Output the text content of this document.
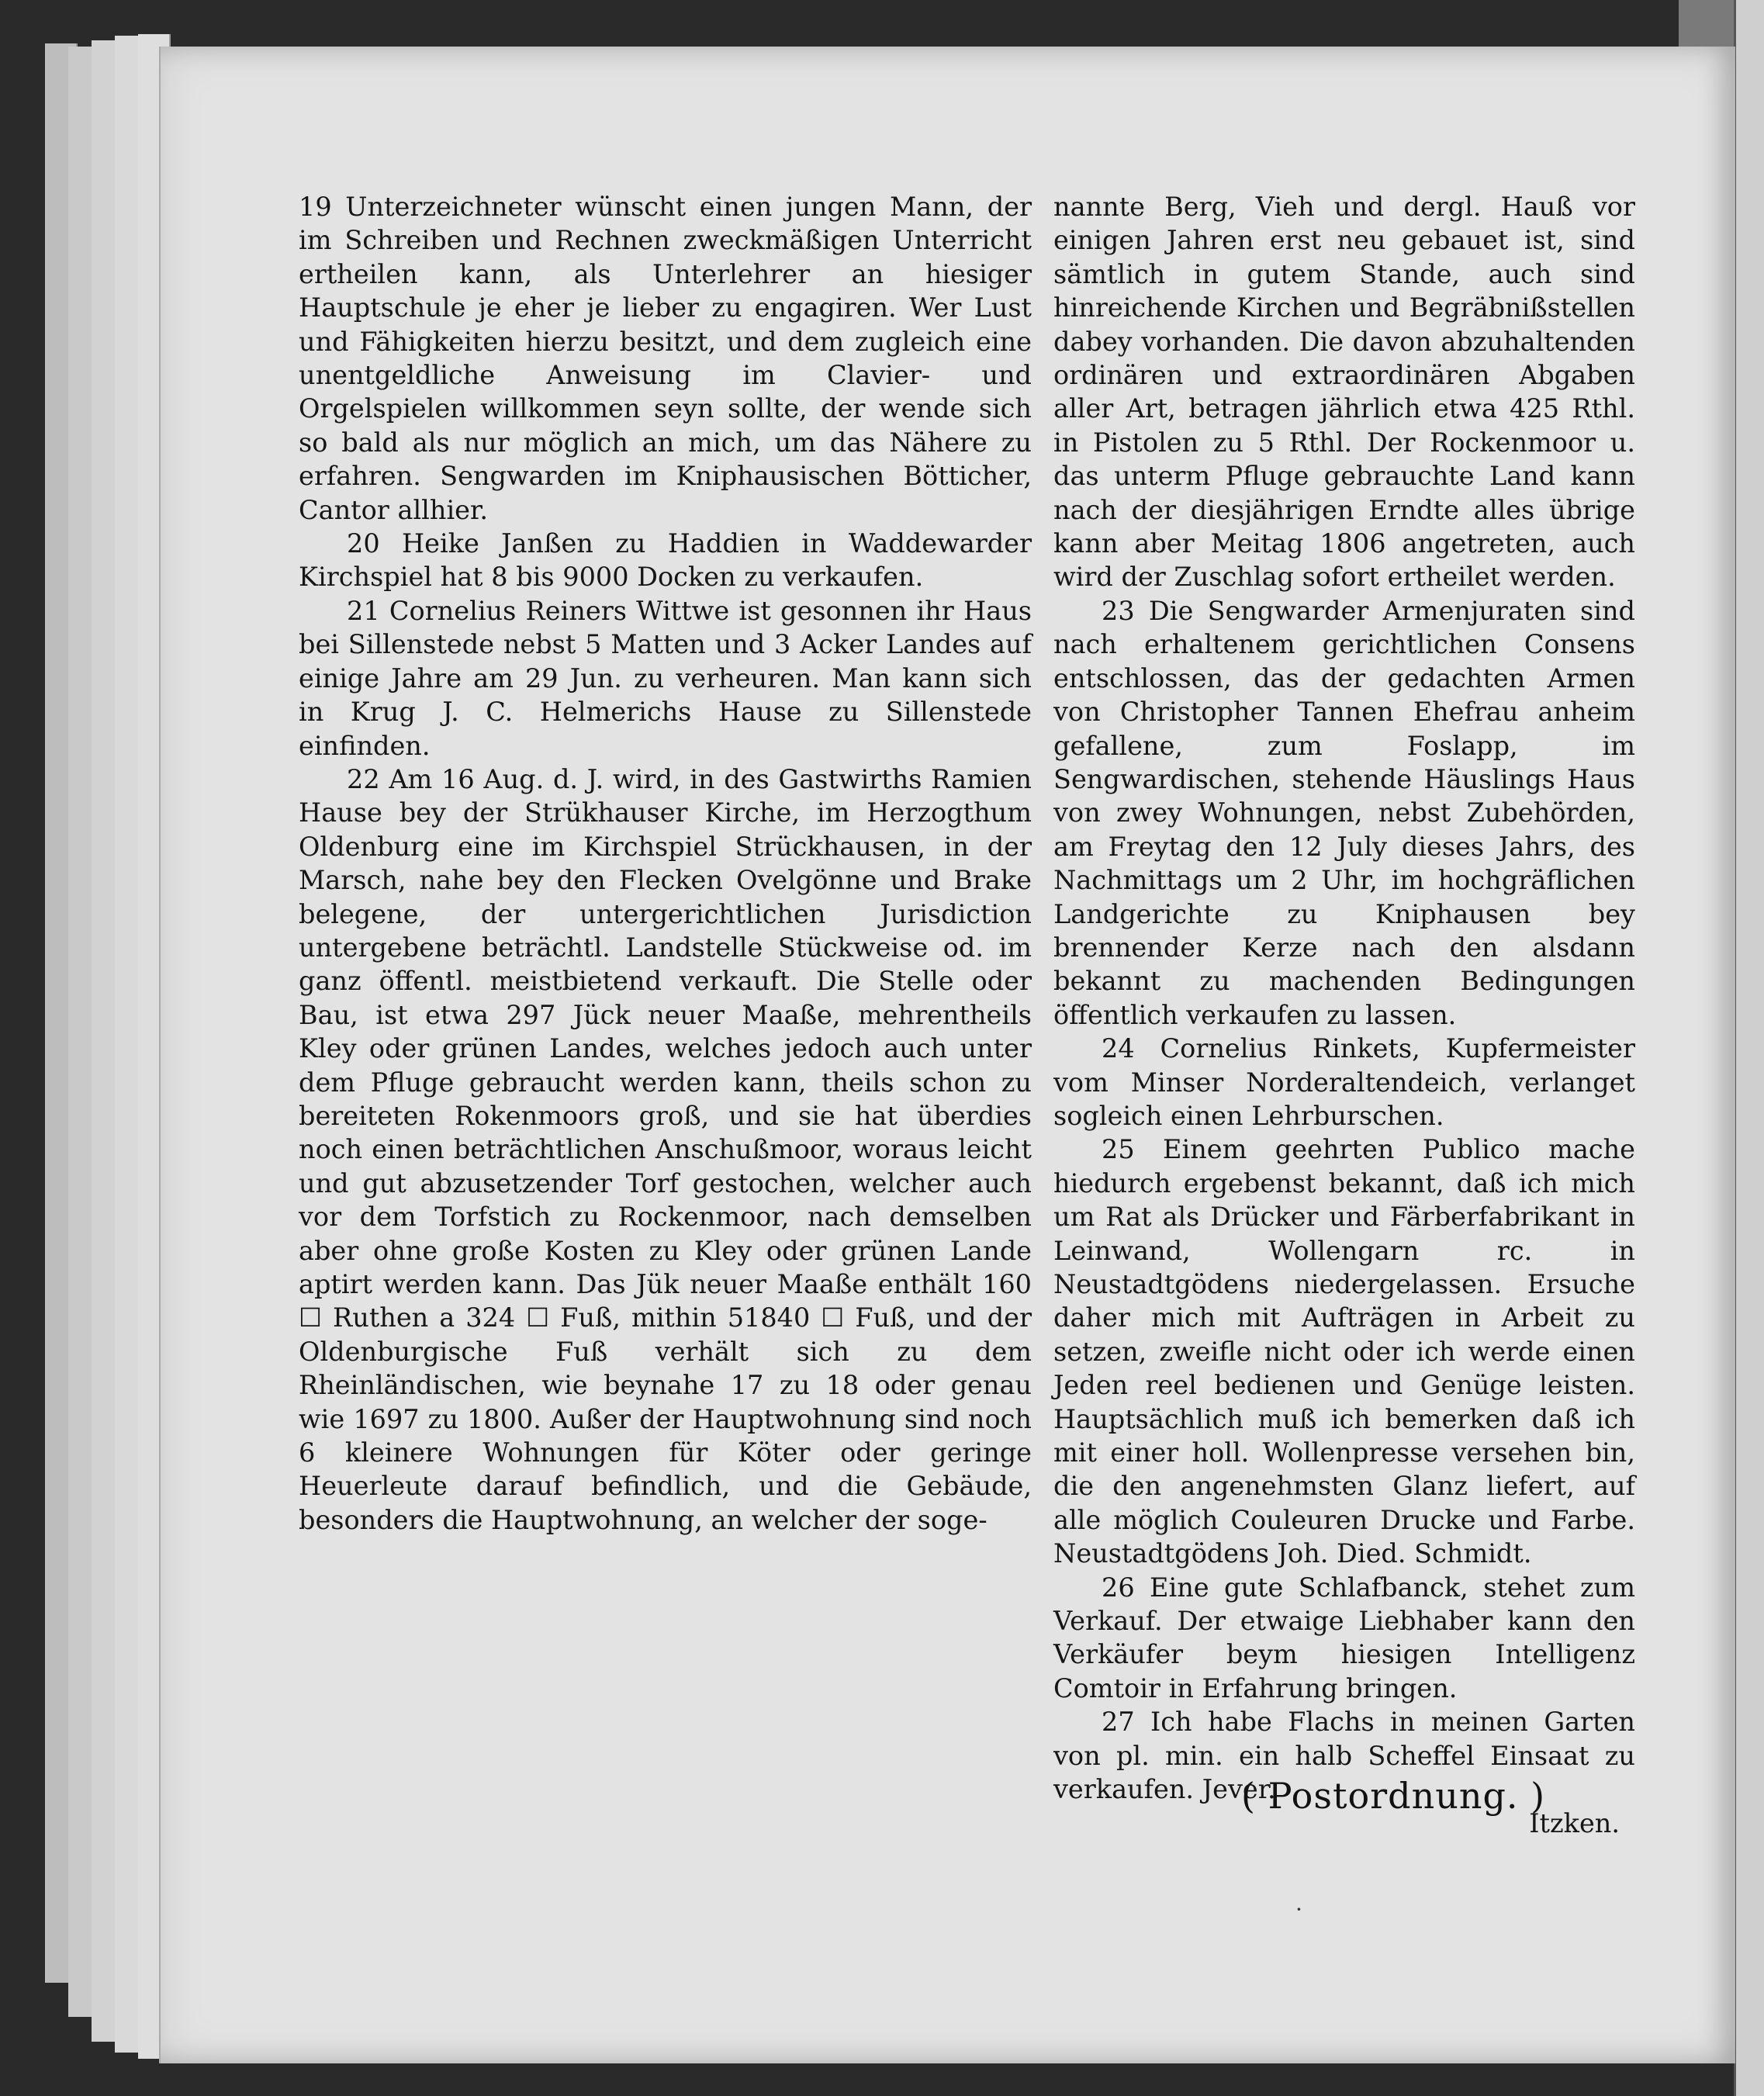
19 Unterzeichneter wünscht einen jungen Mann, der im Schreiben und Rechnen zweckmäßigen Unterricht ertheilen kann, als Unterlehrer an hiesiger Hauptschule je eher je lieber zu engagiren. Wer Lust und Fähigkeiten hierzu besitzt, und dem zugleich eine unentgeldliche Anweisung im Clavier- und Orgelspielen willkommen seyn sollte, der wende sich so bald als nur möglich an mich, um das Nähere zu erfahren. Sengwarden im Kniphausischen Bötticher, Cantor allhier.

20 Heike Janßen zu Haddien in Waddewarder Kirchspiel hat 8 bis 9000 Docken zu verkaufen.

21 Cornelius Reiners Wittwe ist gesonnen ihr Haus bei Sillenstede nebst 5 Matten und 3 Acker Landes auf einige Jahre am 29 Jun. zu verheuren. Man kann sich in Krug J. C. Helmerichs Hause zu Sillenstede einfinden.

22 Am 16 Aug. d. J. wird, in des Gastwirths Ramien Hause bey der Strükhauser Kirche, im Herzogthum Oldenburg eine im Kirchspiel Strückhausen, in der Marsch, nahe bey den Flecken Ovelgönne und Brake belegene, der untergerichtlichen Jurisdiction untergebene beträchtl. Landstelle Stückweise od. im ganz öffentl. meistbietend verkauft. Die Stelle oder Bau, ist etwa 297 Jück neuer Maaße, mehrentheils Kley oder grünen Landes, welches jedoch auch unter dem Pfluge gebraucht werden kann, theils schon zu bereiteten Rokenmoors groß, und sie hat überdies noch einen beträchtlichen Anschußmoor, woraus leicht und gut abzusetzender Torf gestochen, welcher auch vor dem Torfstich zu Rockenmoor, nach demselben aber ohne große Kosten zu Kley oder grünen Lande aptirt werden kann. Das Jük neuer Maaße enthält 160 ☐ Ruthen a 324 ☐ Fuß, mithin 51840 ☐ Fuß, und der Oldenburgische Fuß verhält sich zu dem Rheinländischen, wie beynahe 17 zu 18 oder genau wie 1697 zu 1800. Außer der Hauptwohnung sind noch 6 kleinere Wohnungen für Köter oder geringe Heuerleute darauf befindlich, und die Gebäude, besonders die Hauptwohnung, an welcher der soge-

nannte Berg, Vieh und dergl. Hauß vor einigen Jahren erst neu gebauet ist, sind sämtlich in gutem Stande, auch sind hinreichende Kirchen und Begräbnißstellen dabey vorhanden. Die davon abzuhaltenden ordinären und extraordinären Abgaben aller Art, betragen jährlich etwa 425 Rthl. in Pistolen zu 5 Rthl. Der Rockenmoor u. das unterm Pfluge gebrauchte Land kann nach der diesjährigen Erndte alles übrige kann aber Meitag 1806 angetreten, auch wird der Zuschlag sofort ertheilet werden.

23 Die Sengwarder Armenjuraten sind nach erhaltenem gerichtlichen Consens entschlossen, das der gedachten Armen von Christopher Tannen Ehefrau anheim gefallene, zum Foslapp, im Sengwardischen, stehende Häuslings Haus von zwey Wohnungen, nebst Zubehörden, am Freytag den 12 July dieses Jahrs, des Nachmittags um 2 Uhr, im hochgräflichen Landgerichte zu Kniphausen bey brennender Kerze nach den alsdann bekannt zu machenden Bedingungen öffentlich verkaufen zu lassen.

24 Cornelius Rinkets, Kupfermeister vom Minser Norderaltendeich, verlanget sogleich einen Lehrburschen.

25 Einem geehrten Publico mache hiedurch ergebenst bekannt, daß ich mich um Rat als Drücker und Färberfabrikant in Leinwand, Wollengarn rc. in Neustadtgödens niedergelassen. Ersuche daher mich mit Aufträgen in Arbeit zu setzen, zweifle nicht oder ich werde einen Jeden reel bedienen und Genüge leisten. Hauptsächlich muß ich bemerken daß ich mit einer holl. Wollenpresse versehen bin, die den angenehmsten Glanz liefert, auf alle möglich Couleuren Drucke und Farbe. Neustadtgödens Joh. Died. Schmidt.

26 Eine gute Schlafbanck, stehet zum Verkauf. Der etwaige Liebhaber kann den Verkäufer beym hiesigen Intelligenz Comtoir in Erfahrung bringen.

27 Ich habe Flachs in meinen Garten von pl. min. ein halb Scheffel Einsaat zu verkaufen. Jever.

Itzken.
( Postordnung. )
·
